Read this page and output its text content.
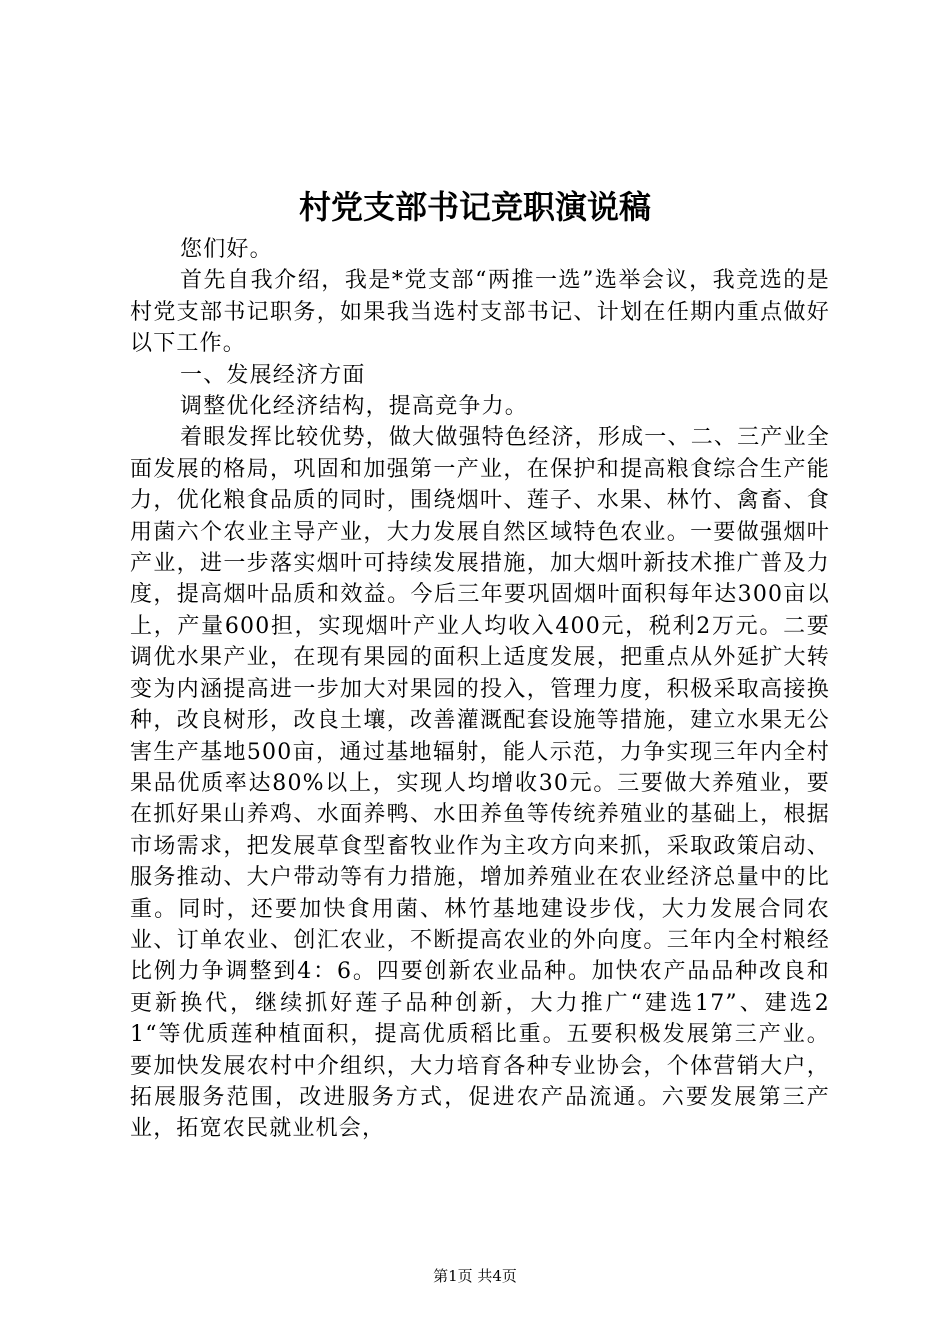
村党支部书记竞职演说稿

您们好。

首先自我介绍，我是*党支部“两推一选”选举会议，我竞选的是村党支部书记职务，如果我当选村支部书记、计划在任期内重点做好以下工作。

一、发展经济方面

调整优化经济结构，提高竞争力。

着眼发挥比较优势，做大做强特色经济，形成一、二、三产业全面发展的格局，巩固和加强第一产业，在保护和提高粮食综合生产能力，优化粮食品质的同时，围绕烟叶、莲子、水果、林竹、禽畜、食用菌六个农业主导产业，大力发展自然区域特色农业。一要做强烟叶产业，进一步落实烟叶可持续发展措施，加大烟叶新技术推广普及力度，提高烟叶品质和效益。今后三年要巩固烟叶面积每年达300亩以上，产量600担，实现烟叶产业人均收入400元，税利2万元。二要调优水果产业，在现有果园的面积上适度发展，把重点从外延扩大转变为内涵提高进一步加大对果园的投入，管理力度，积极采取高接换种，改良树形，改良土壤，改善灌溉配套设施等措施，建立水果无公害生产基地500亩，通过基地辐射，能人示范，力争实现三年内全村果品优质率达80%以上，实现人均增收30元。三要做大养殖业，要在抓好果山养鸡、水面养鸭、水田养鱼等传统养殖业的基础上，根据市场需求，把发展草食型畜牧业作为主攻方向来抓，采取政策启动、服务推动、大户带动等有力措施，增加养殖业在农业经济总量中的比重。同时，还要加快食用菌、林竹基地建设步伐，大力发展合同农业、订单农业、创汇农业，不断提高农业的外向度。三年内全村粮经比例力争调整到4：6。四要创新农业品种。加快农产品品种改良和更新换代，继续抓好莲子品种创新，大力推广“建选17”、建选21“等优质莲种植面积，提高优质稻比重。五要积极发展第三产业。要加快发展农村中介组织，大力培育各种专业协会，个体营销大户，拓展服务范围，改进服务方式，促进农产品流通。六要发展第三产业，拓宽农民就业机会，

第1页 共4页
